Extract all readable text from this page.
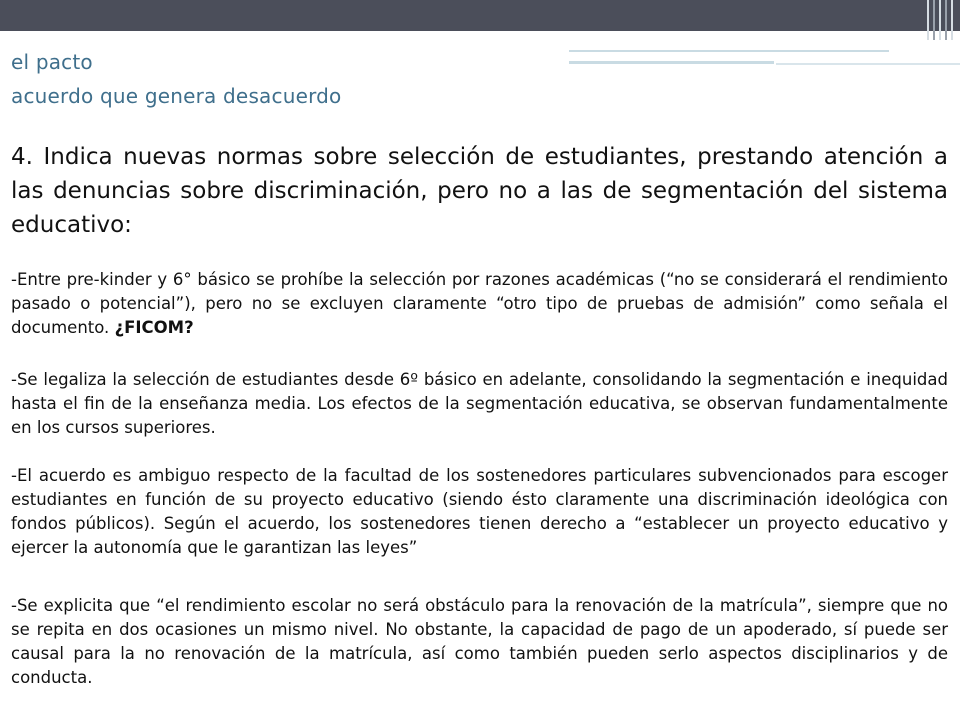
el pacto
acuerdo que genera desacuerdo

4. Indica nuevas normas sobre selección de estudiantes, prestando atención a las denuncias sobre discriminación, pero no a las de segmentación del sistema educativo:

-Entre pre-kinder y 6° básico se prohíbe la selección por razones académicas (“no se considerará el rendimiento pasado o potencial”), pero no se excluyen claramente “otro tipo de pruebas de admisión” como señala el documento. ¿FICOM?

-Se legaliza la selección de estudiantes desde 6º básico en adelante, consolidando la segmentación e inequidad hasta el fin de la enseñanza media. Los efectos de la segmentación educativa, se observan fundamentalmente en los cursos superiores.

-El acuerdo es ambiguo respecto de la facultad de los sostenedores particulares subvencionados para escoger estudiantes en función de su proyecto educativo (siendo ésto claramente una discriminación ideológica con fondos públicos). Según el acuerdo, los sostenedores tienen derecho a “establecer un proyecto educativo y ejercer la autonomía que le garantizan las leyes”

-Se explicita que “el rendimiento escolar no será obstáculo para la renovación de la matrícula”, siempre que no se repita en dos ocasiones un mismo nivel. No obstante, la capacidad de pago de un apoderado, sí puede ser causal para la no renovación de la matrícula, así como también pueden serlo aspectos disciplinarios y de conducta.
